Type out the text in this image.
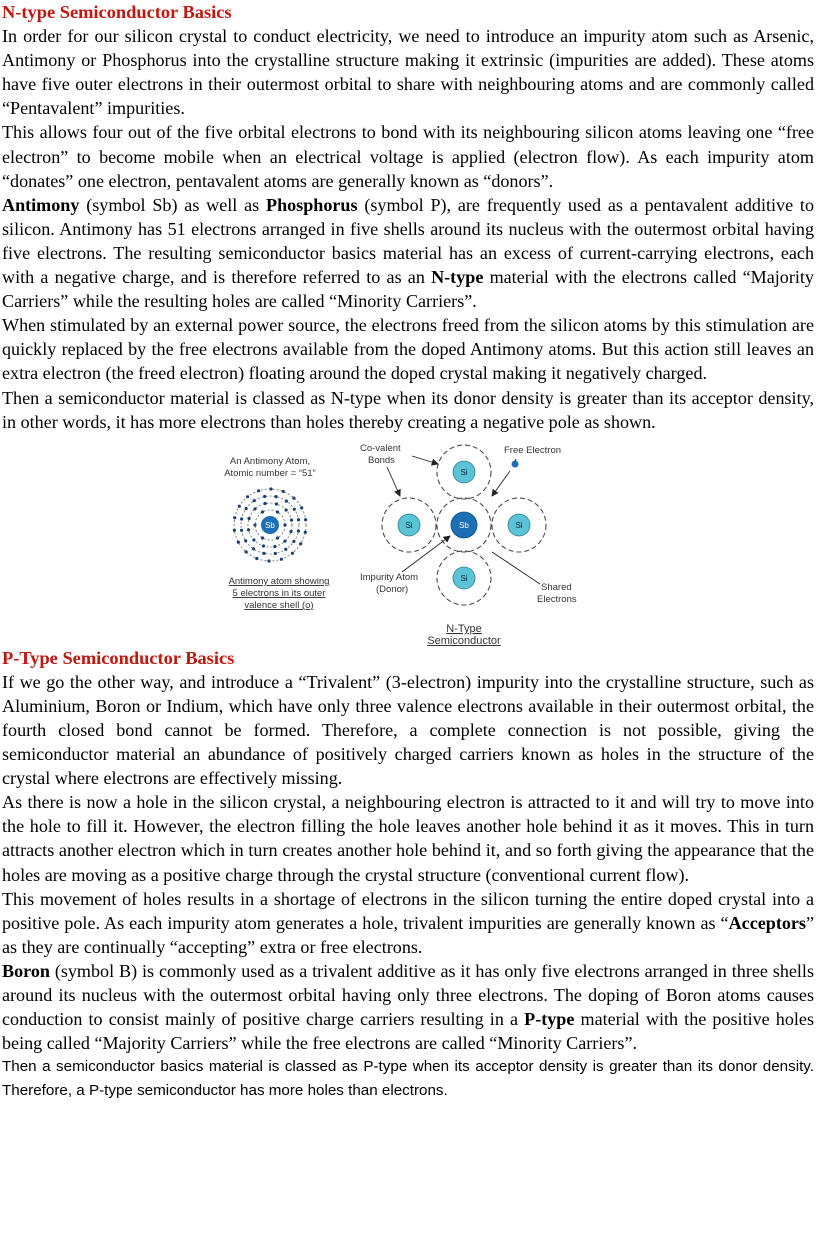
N-type Semiconductor Basics

In order for our silicon crystal to conduct electricity, we need to introduce an impurity atom such as Arsenic, Antimony or Phosphorus into the crystalline structure making it extrinsic (impurities are added). These atoms have five outer electrons in their outermost orbital to share with neighbouring atoms and are commonly called “Pentavalent” impurities.

This allows four out of the five orbital electrons to bond with its neighbouring silicon atoms leaving one “free electron” to become mobile when an electrical voltage is applied (electron flow). As each impurity atom “donates” one electron, pentavalent atoms are generally known as “donors”.

Antimony (symbol Sb) as well as Phosphorus (symbol P), are frequently used as a pentavalent additive to silicon. Antimony has 51 electrons arranged in five shells around its nucleus with the outermost orbital having five electrons. The resulting semiconductor basics material has an excess of current-carrying electrons, each with a negative charge, and is therefore referred to as an N-type material with the electrons called “Majority Carriers” while the resulting holes are called “Minority Carriers”.

When stimulated by an external power source, the electrons freed from the silicon atoms by this stimulation are quickly replaced by the free electrons available from the doped Antimony atoms. But this action still leaves an extra electron (the freed electron) floating around the doped crystal making it negatively charged.

Then a semiconductor material is classed as N-type when its donor density is greater than its acceptor density, in other words, it has more electrons than holes thereby creating a negative pole as shown.

An Antimony Atom,
Atomic number = “51”
Sb
Antimony atom showing
5 electrons in its outer
valence shell (o)
Si
Si	Sb	Si
Si
Co-valent
Bonds
Free Electron
Impurity Atom
(Donor)	Shared
Electrons
N-Type
Semiconductor
P-Type Semiconductor Basics

If we go the other way, and introduce a “Trivalent” (3-electron) impurity into the crystalline structure, such as Aluminium, Boron or Indium, which have only three valence electrons available in their outermost orbital, the fourth closed bond cannot be formed. Therefore, a complete connection is not possible, giving the semiconductor material an abundance of positively charged carriers known as holes in the structure of the crystal where electrons are effectively missing.

As there is now a hole in the silicon crystal, a neighbouring electron is attracted to it and will try to move into the hole to fill it. However, the electron filling the hole leaves another hole behind it as it moves. This in turn attracts another electron which in turn creates another hole behind it, and so forth giving the appearance that the holes are moving as a positive charge through the crystal structure (conventional current flow).

This movement of holes results in a shortage of electrons in the silicon turning the entire doped crystal into a positive pole. As each impurity atom generates a hole, trivalent impurities are generally known as “Acceptors” as they are continually “accepting” extra or free electrons.

Boron (symbol B) is commonly used as a trivalent additive as it has only five electrons arranged in three shells around its nucleus with the outermost orbital having only three electrons. The doping of Boron atoms causes conduction to consist mainly of positive charge carriers resulting in a P-type material with the positive holes being called “Majority Carriers” while the free electrons are called “Minority Carriers”.

Then a semiconductor basics material is classed as P-type when its acceptor density is greater than its donor density. Therefore, a P-type semiconductor has more holes than electrons.
